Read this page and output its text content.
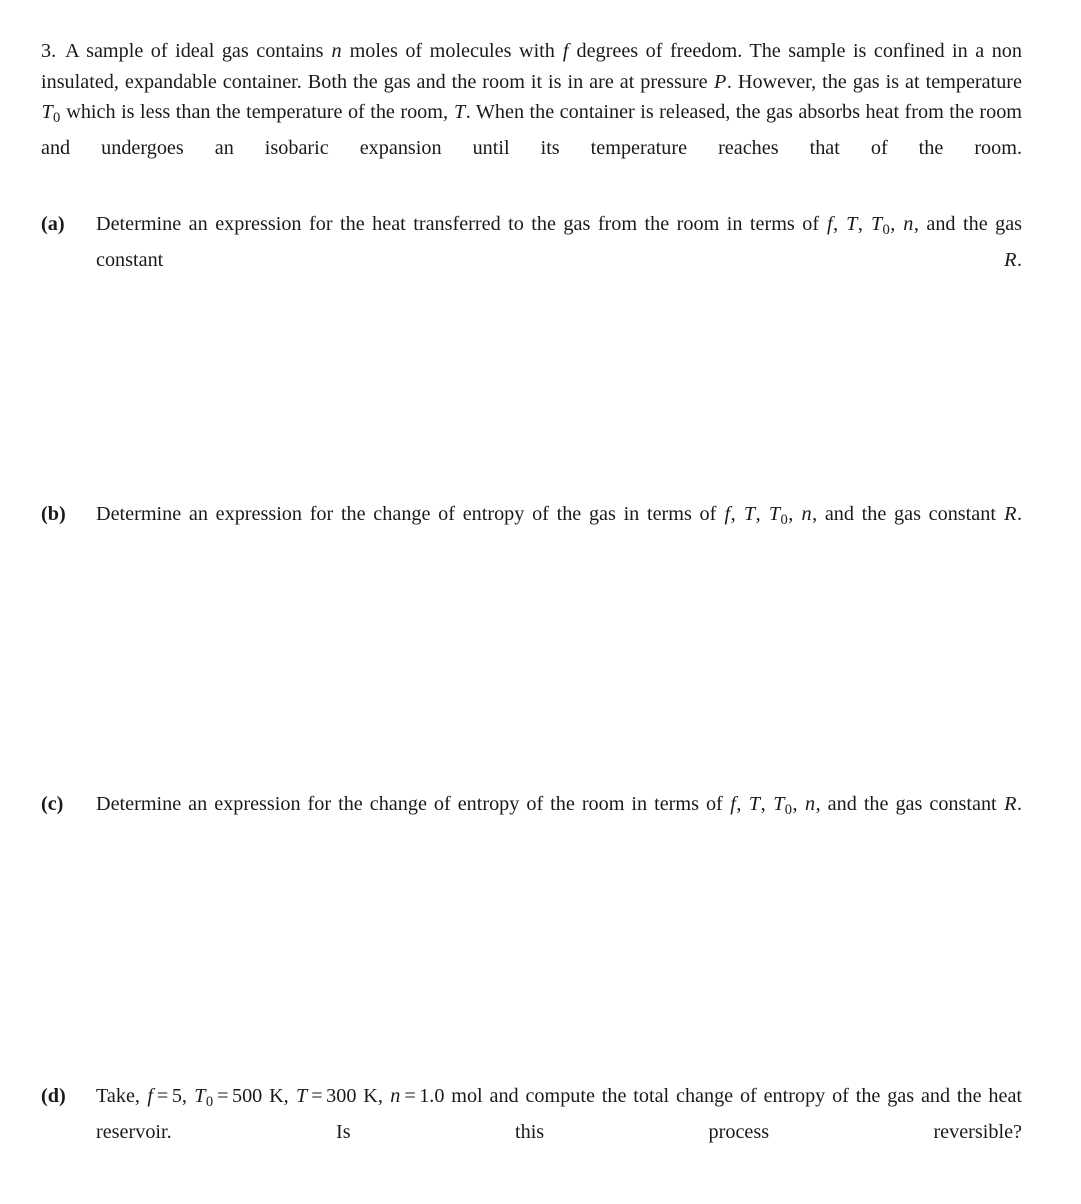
3. A sample of ideal gas contains n moles of molecules with f degrees of freedom. The sample is confined in a non insulated, expandable container. Both the gas and the room it is in are at pressure P. However, the gas is at temperature $T_0$ which is less than the temperature of the room, T. When the container is released, the gas absorbs heat from the room and undergoes an isobaric expansion until its temperature reaches that of the room.
(a)	Determine an expression for the heat transferred to the gas from the room in terms of f, T, $T_0$, n, and the gas constant R.
(b)	Determine an expression for the change of entropy of the gas in terms of f, T, $T_0$, n, and the gas constant R.
(c)	Determine an expression for the change of entropy of the room in terms of f, T, $T_0$, n, and the gas constant R.
(d)	Take, f = 5, $T_0 = 500$ K, T = 300 K, n = 1.0 mol and compute the total change of entropy of the gas and the heat reservoir. Is this process reversible?
